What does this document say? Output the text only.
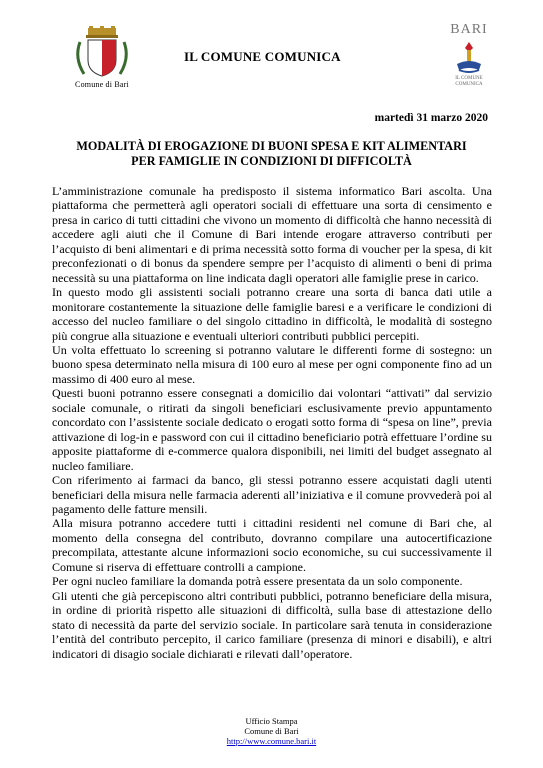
Comune di Bari
IL COMUNE COMUNICA
BARI
IL COMUNE
COMUNICA
martedì 31 marzo 2020
MODALITÀ DI EROGAZIONE DI BUONI SPESA E KIT ALIMENTARI
PER FAMIGLIE IN CONDIZIONI DI DIFFICOLTÀ

L’amministrazione comunale ha predisposto il sistema informatico Bari ascolta. Una piattaforma che permetterà agli operatori sociali di effettuare una sorta di censimento e presa in carico di tutti cittadini che vivono un momento di difficoltà che hanno necessità di accedere agli aiuti che il Comune di Bari intende erogare attraverso contributi per l’acquisto di beni alimentari e di prima necessità sotto forma di voucher per la spesa, di kit preconfezionati o di bonus da spendere sempre per l’acquisto di alimenti o beni di prima necessità su una piattaforma on line indicata dagli operatori alle famiglie prese in carico.

In questo modo gli assistenti sociali potranno creare una sorta di banca dati utile a monitorare costantemente la situazione delle famiglie baresi e a verificare le condizioni di accesso del nucleo familiare o del singolo cittadino in difficoltà, le modalità di sostegno più congrue alla situazione e eventuali ulteriori contributi pubblici percepiti.

Un volta effettuato lo screening si potranno valutare le differenti forme di sostegno: un buono spesa determinato nella misura di 100 euro al mese per ogni componente fino ad un massimo di 400 euro al mese.

Questi buoni potranno essere consegnati a domicilio dai volontari “attivati” dal servizio sociale comunale, o ritirati da singoli beneficiari esclusivamente previo appuntamento concordato con l’assistente sociale dedicato o erogati sotto forma di “spesa on line”, previa attivazione di log-in e password con cui il cittadino beneficiario potrà effettuare l’ordine su apposite piattaforme di e-commerce qualora disponibili, nei limiti del budget assegnato al nucleo familiare.

Con riferimento ai farmaci da banco, gli stessi potranno essere acquistati dagli utenti beneficiari della misura nelle farmacia aderenti all’iniziativa e il comune provvederà poi al pagamento delle fatture mensili.

Alla misura potranno accedere tutti i cittadini residenti nel comune di Bari che, al momento della consegna del contributo, dovranno compilare una autocertificazione precompilata, attestante alcune informazioni socio economiche, su cui successivamente il Comune si riserva di effettuare controlli a campione.

Per ogni nucleo familiare la domanda potrà essere presentata da un solo componente.

Gli utenti che già percepiscono altri contributi pubblici, potranno beneficiare della misura, in ordine di priorità rispetto alle situazioni di difficoltà, sulla base di attestazione dello stato di necessità da parte del servizio sociale. In particolare sarà tenuta in considerazione l’entità del contributo percepito, il carico familiare (presenza di minori e disabili), e altri indicatori di disagio sociale dichiarati e rilevati dall’operatore.

Ufficio Stampa
Comune di Bari
http://www.comune.bari.it
